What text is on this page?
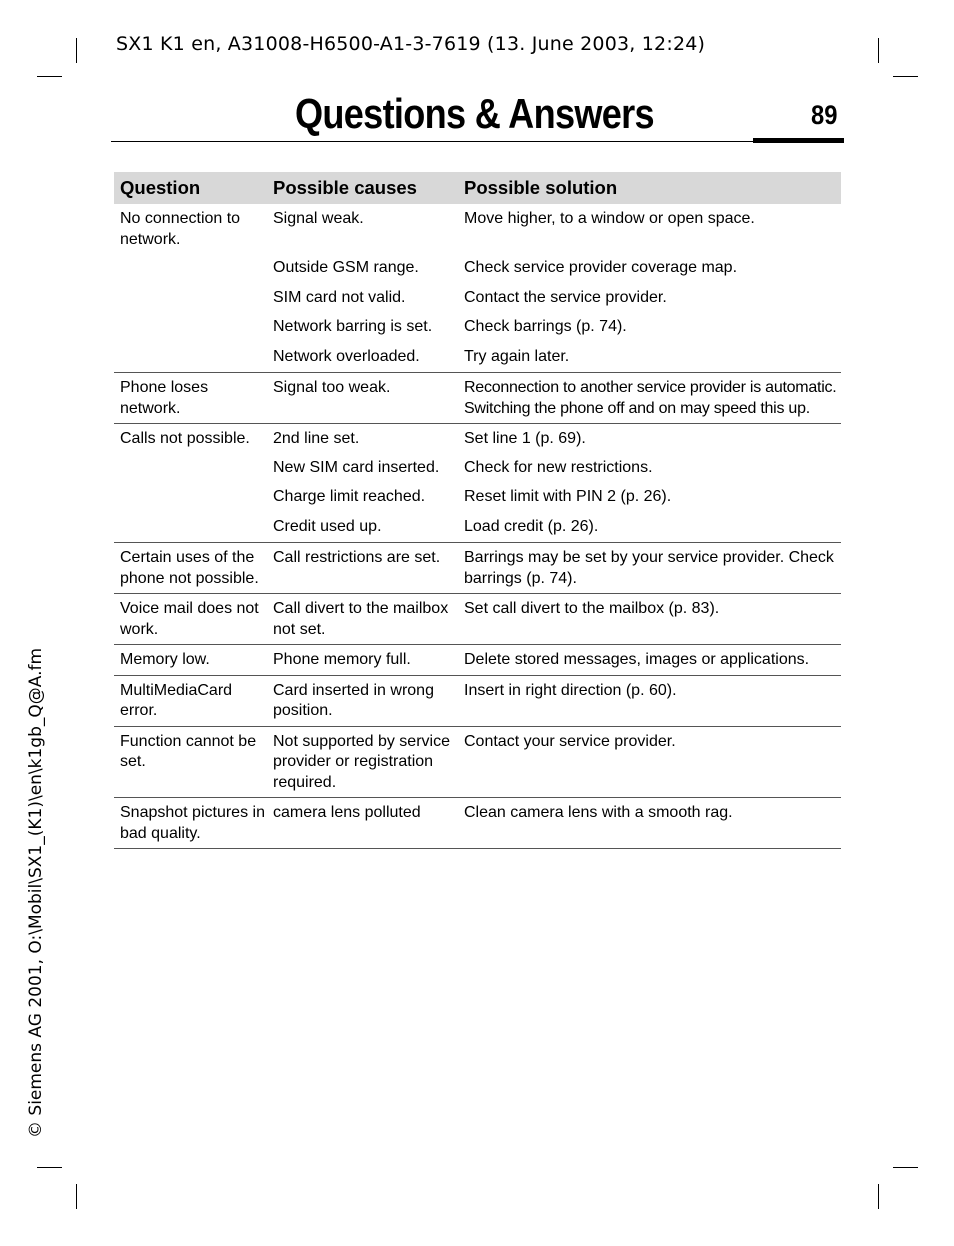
SX1 K1 en, A31008-H6500-A1-3-7619 (13. June 2003, 12:24)
Questions & Answers	89
Question	Possible causes	Possible solution
No connection to network.	Signal weak.	Move higher, to a window or open space.
	Outside GSM range.	Check service provider coverage map.
	SIM card not valid.	Contact the service provider.
	Network barring is set.	Check barrings (p. 74).
	Network overloaded.	Try again later.
Phone loses network.	Signal too weak.	Reconnection to another service provider is automatic. Switching the phone off and on may speed this up.
Calls not possible.	2nd line set.	Set line 1 (p. 69).
	New SIM card inserted.	Check for new restrictions.
	Charge limit reached.	Reset limit with PIN 2 (p. 26).
	Credit used up.	Load credit (p. 26).
Certain uses of the phone not possible.	Call restrictions are set.	Barrings may be set by your service provider. Check barrings (p. 74).
Voice mail does not work.	Call divert to the mailbox not set.	Set call divert to the mailbox (p. 83).
Memory low.	Phone memory full.	Delete stored messages, images or applications.
MultiMediaCard error.	Card inserted in wrong position.	Insert in right direction (p. 60).
Function cannot be set.	Not supported by service provider or registration required.	Contact your service provider.
Snapshot pictures in bad quality.	camera lens polluted	Clean camera lens with a smooth rag.
© Siemens AG 2001, O:\Mobil\SX1_(K1)\en\k1gb_Q@A.fm
